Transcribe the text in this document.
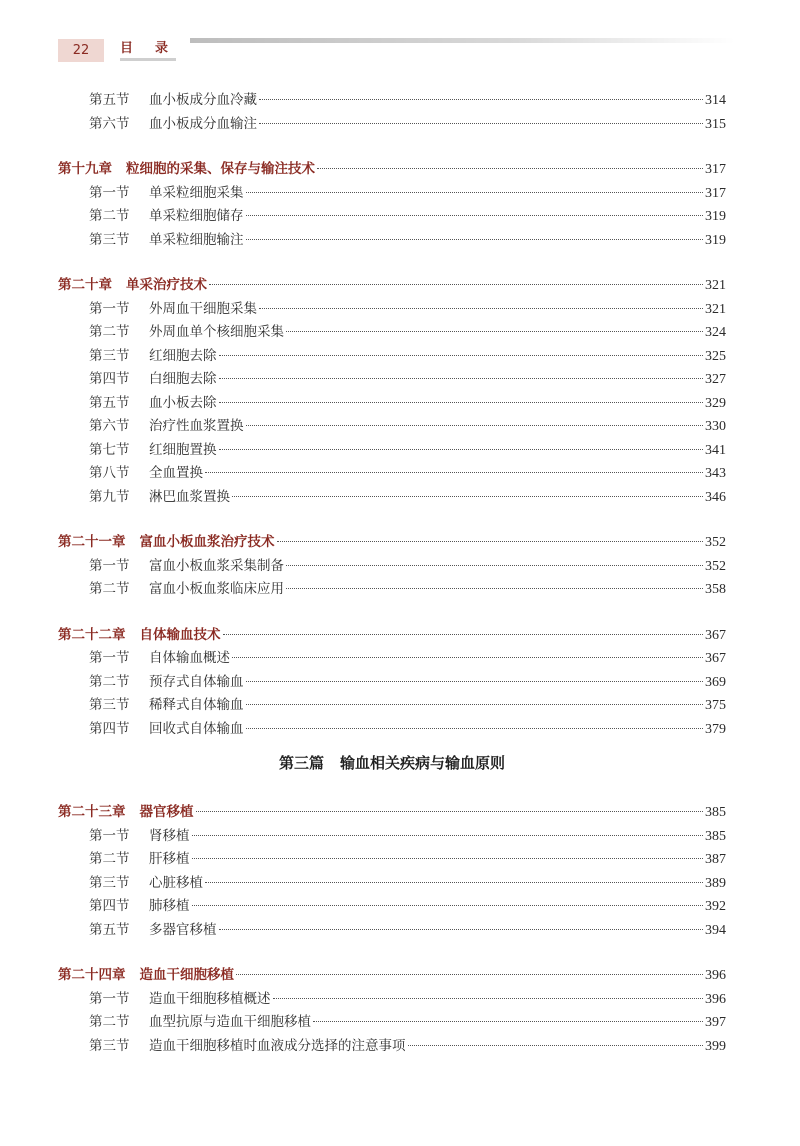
22	目录
第五节	血小板成分血冷藏	314
第六节	血小板成分血输注	315
第十九章 粒细胞的采集、保存与输注技术	317
第一节	单采粒细胞采集	317
第二节	单采粒细胞储存	319
第三节	单采粒细胞输注	319
第二十章 单采治疗技术	321
第一节	外周血干细胞采集	321
第二节	外周血单个核细胞采集	324
第三节	红细胞去除	325
第四节	白细胞去除	327
第五节	血小板去除	329
第六节	治疗性血浆置换	330
第七节	红细胞置换	341
第八节	全血置换	343
第九节	淋巴血浆置换	346
第二十一章 富血小板血浆治疗技术	352
第一节	富血小板血浆采集制备	352
第二节	富血小板血浆临床应用	358
第二十二章 自体输血技术	367
第一节	自体输血概述	367
第二节	预存式自体输血	369
第三节	稀释式自体输血	375
第四节	回收式自体输血	379
第三篇 输血相关疾病与输血原则
第二十三章 器官移植	385
第一节	肾移植	385
第二节	肝移植	387
第三节	心脏移植	389
第四节	肺移植	392
第五节	多器官移植	394
第二十四章 造血干细胞移植	396
第一节	造血干细胞移植概述	396
第二节	血型抗原与造血干细胞移植	397
第三节	造血干细胞移植时血液成分选择的注意事项	399
